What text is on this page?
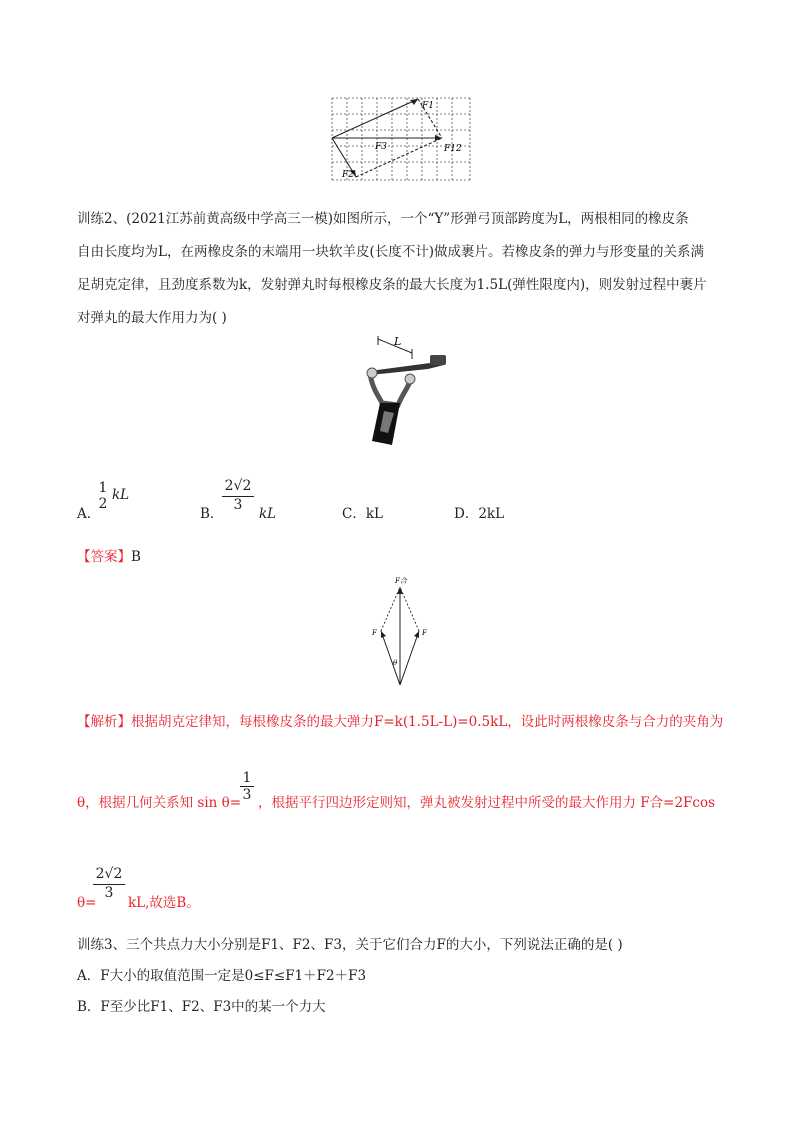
F1
F3	F12
F2
训练2、(2021江苏前黄高级中学高三一模)如图所示，一个“Y”形弹弓顶部跨度为L，两根相同的橡皮条
自由长度均为L，在两橡皮条的末端用一块软羊皮(长度不计)做成裹片。若橡皮条的弹力与形变量的关系满
足胡克定律，且劲度系数为k，发射弹丸时每根橡皮条的最大长度为1.5L(弹性限度内)，则发射过程中裹片
对弹丸的最大作用力为( )
L
A．
1
2
kL
B．
$\frac{2√2}{3}$
kL	C．kL	D．2kL
【答案】B
F合
F	F
θ
【解析】根据胡克定律知，每根橡皮条的最大弹力F=k(1.5L-L)=0.5kL，设此时两根橡皮条与合力的夹角为
θ，根据几何关系知 sin θ=
$\frac{1}{3}$ ，根据平行四边形定则知，弹丸被发射过程中所受的最大作用力 F合=2Fcos
θ=
$\frac{2√2}{3}$
kL,故选B。
训练3、三个共点力大小分别是F1、F2、F3，关于它们合力F的大小，下列说法正确的是( )
A．F大小的取值范围一定是0≤F≤F1＋F2＋F3
B．F至少比F1、F2、F3中的某一个力大
